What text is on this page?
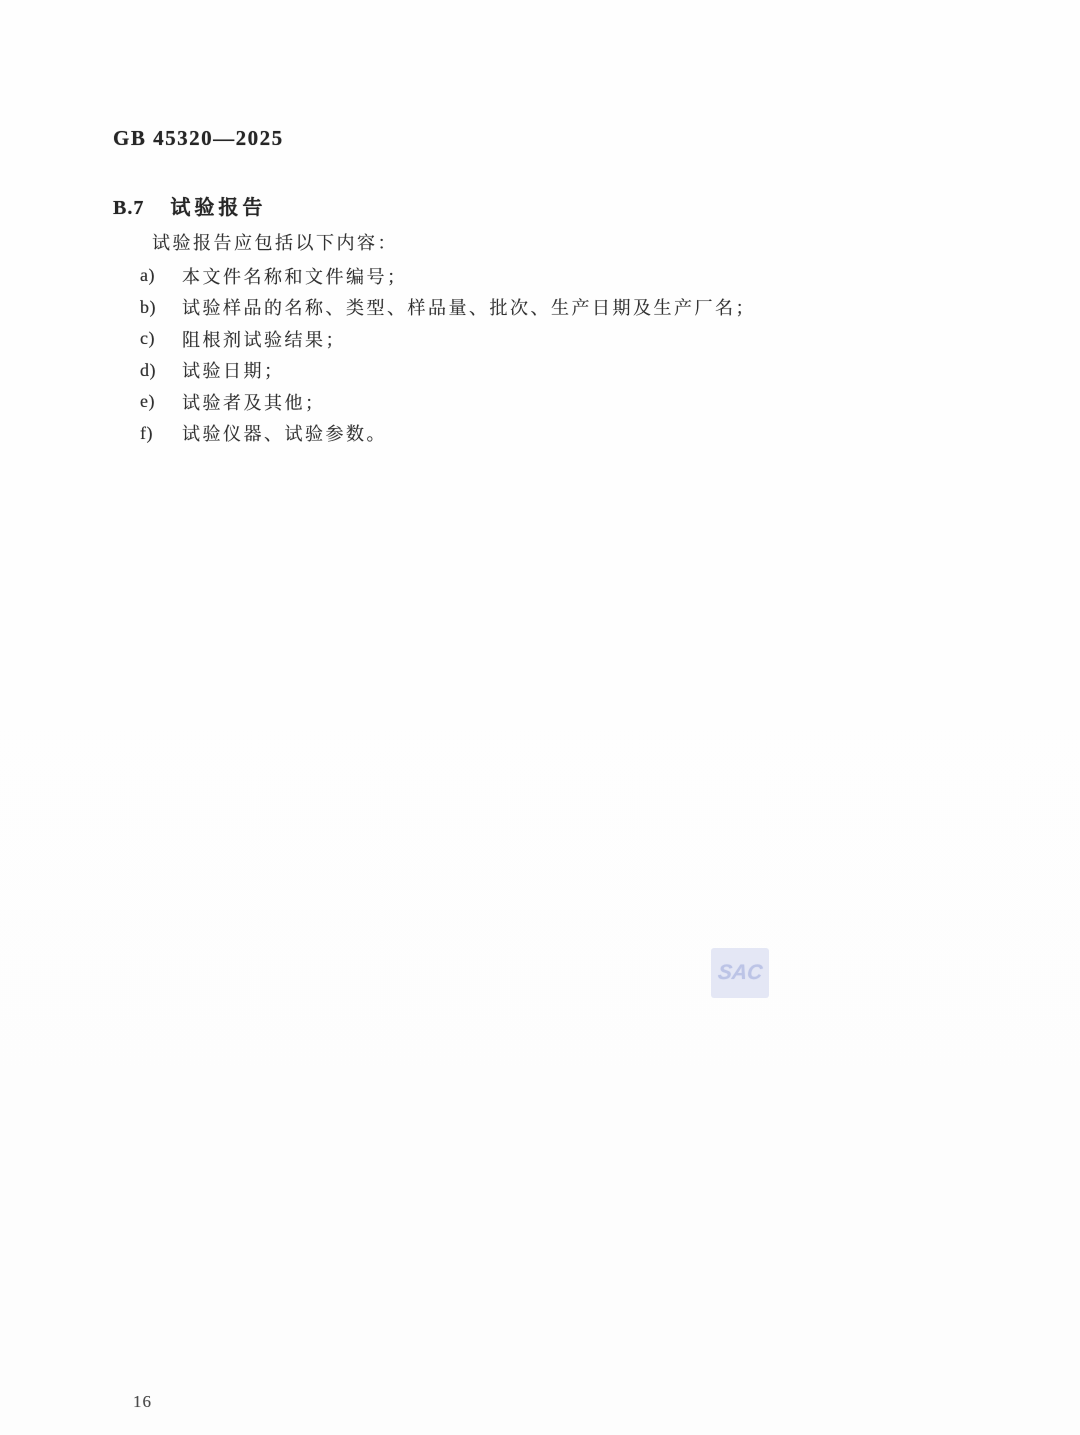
GB 45320—2025
B.7 试验报告
试验报告应包括以下内容：
a)	本文件名称和文件编号；
b)	试验样品的名称、类型、样品量、批次、生产日期及生产厂名；
c)	阻根剂试验结果；
d)	试验日期；
e)	试验者及其他；
f)	试验仪器、试验参数。
SAC
16
